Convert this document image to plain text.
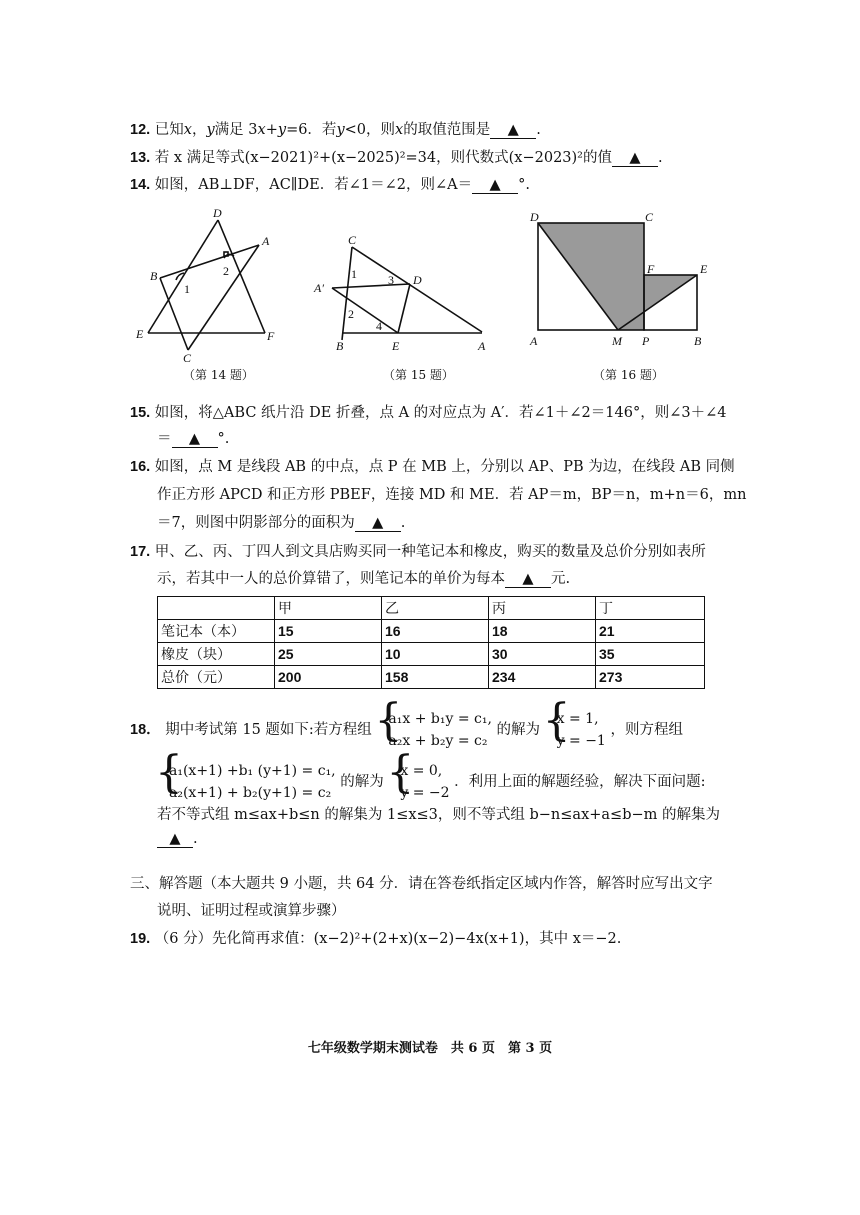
12. 已知x，y满足 3x+y=6．若y<0，则x的取值范围是 ▲ .
13. 若 x 满足等式(x−2021)²+(x−2025)²=34，则代数式(x−2023)²的值 ▲ .
14. 如图，AB⊥DF，AC∥DE．若∠1＝∠2，则∠A＝ ▲ °.
D
A
B
E	F
C
1
2
（第 14 题）
C
A′
D
B	E	A
1
2
3
4
（第 15 题）
D	C
F	E
A	M P	B
（第 16 题）
15. 如图，将△ABC 纸片沿 DE 折叠，点 A 的对应点为 A′．若∠1＋∠2＝146°，则∠3＋∠4
＝ ▲ °.
16. 如图，点 M 是线段 AB 的中点，点 P 在 MB 上，分别以 AP、PB 为边，在线段 AB 同侧
作正方形 APCD 和正方形 PBEF，连接 MD 和 ME．若 AP＝m，BP＝n，m+n＝6，mn
＝7，则图中阴影部分的面积为 ▲ .
17. 甲、乙、丙、丁四人到文具店购买同一种笔记本和橡皮，购买的数量及总价分别如表所
示，若其中一人的总价算错了，则笔记本的单价为每本 ▲ 元.
	甲	乙	丙	丁
笔记本（本）	15	16	18	21
橡皮（块）	25	10	30	35
总价（元）	200	158	234	273
18． 期中考试第 15 题如下:若方程组
{ a₁x + b₁y = c₁,
a₂x + b₂y = c₂
的解为
{ x = 1,
y = −1
，则方程组
{ a₁(x+1) +b₁ (y+1) = c₁,
a₂(x+1) + b₂(y+1) = c₂
的解为
{ x = 0,
y = −2
．利用上面的解题经验，解决下面问题:
若不等式组 m≤ax+b≤n 的解集为 1≤x≤3，则不等式组 b−n≤ax+a≤b−m 的解集为
▲ .
三、解答题（本大题共 9 小题，共 64 分．请在答卷纸指定区域内作答，解答时应写出文字
说明、证明过程或演算步骤）
19. （6 分）先化简再求值：(x−2)²+(2+x)(x−2)−4x(x+1)，其中 x＝−2.
七年级数学期末测试卷　共 6 页　第 3 页
